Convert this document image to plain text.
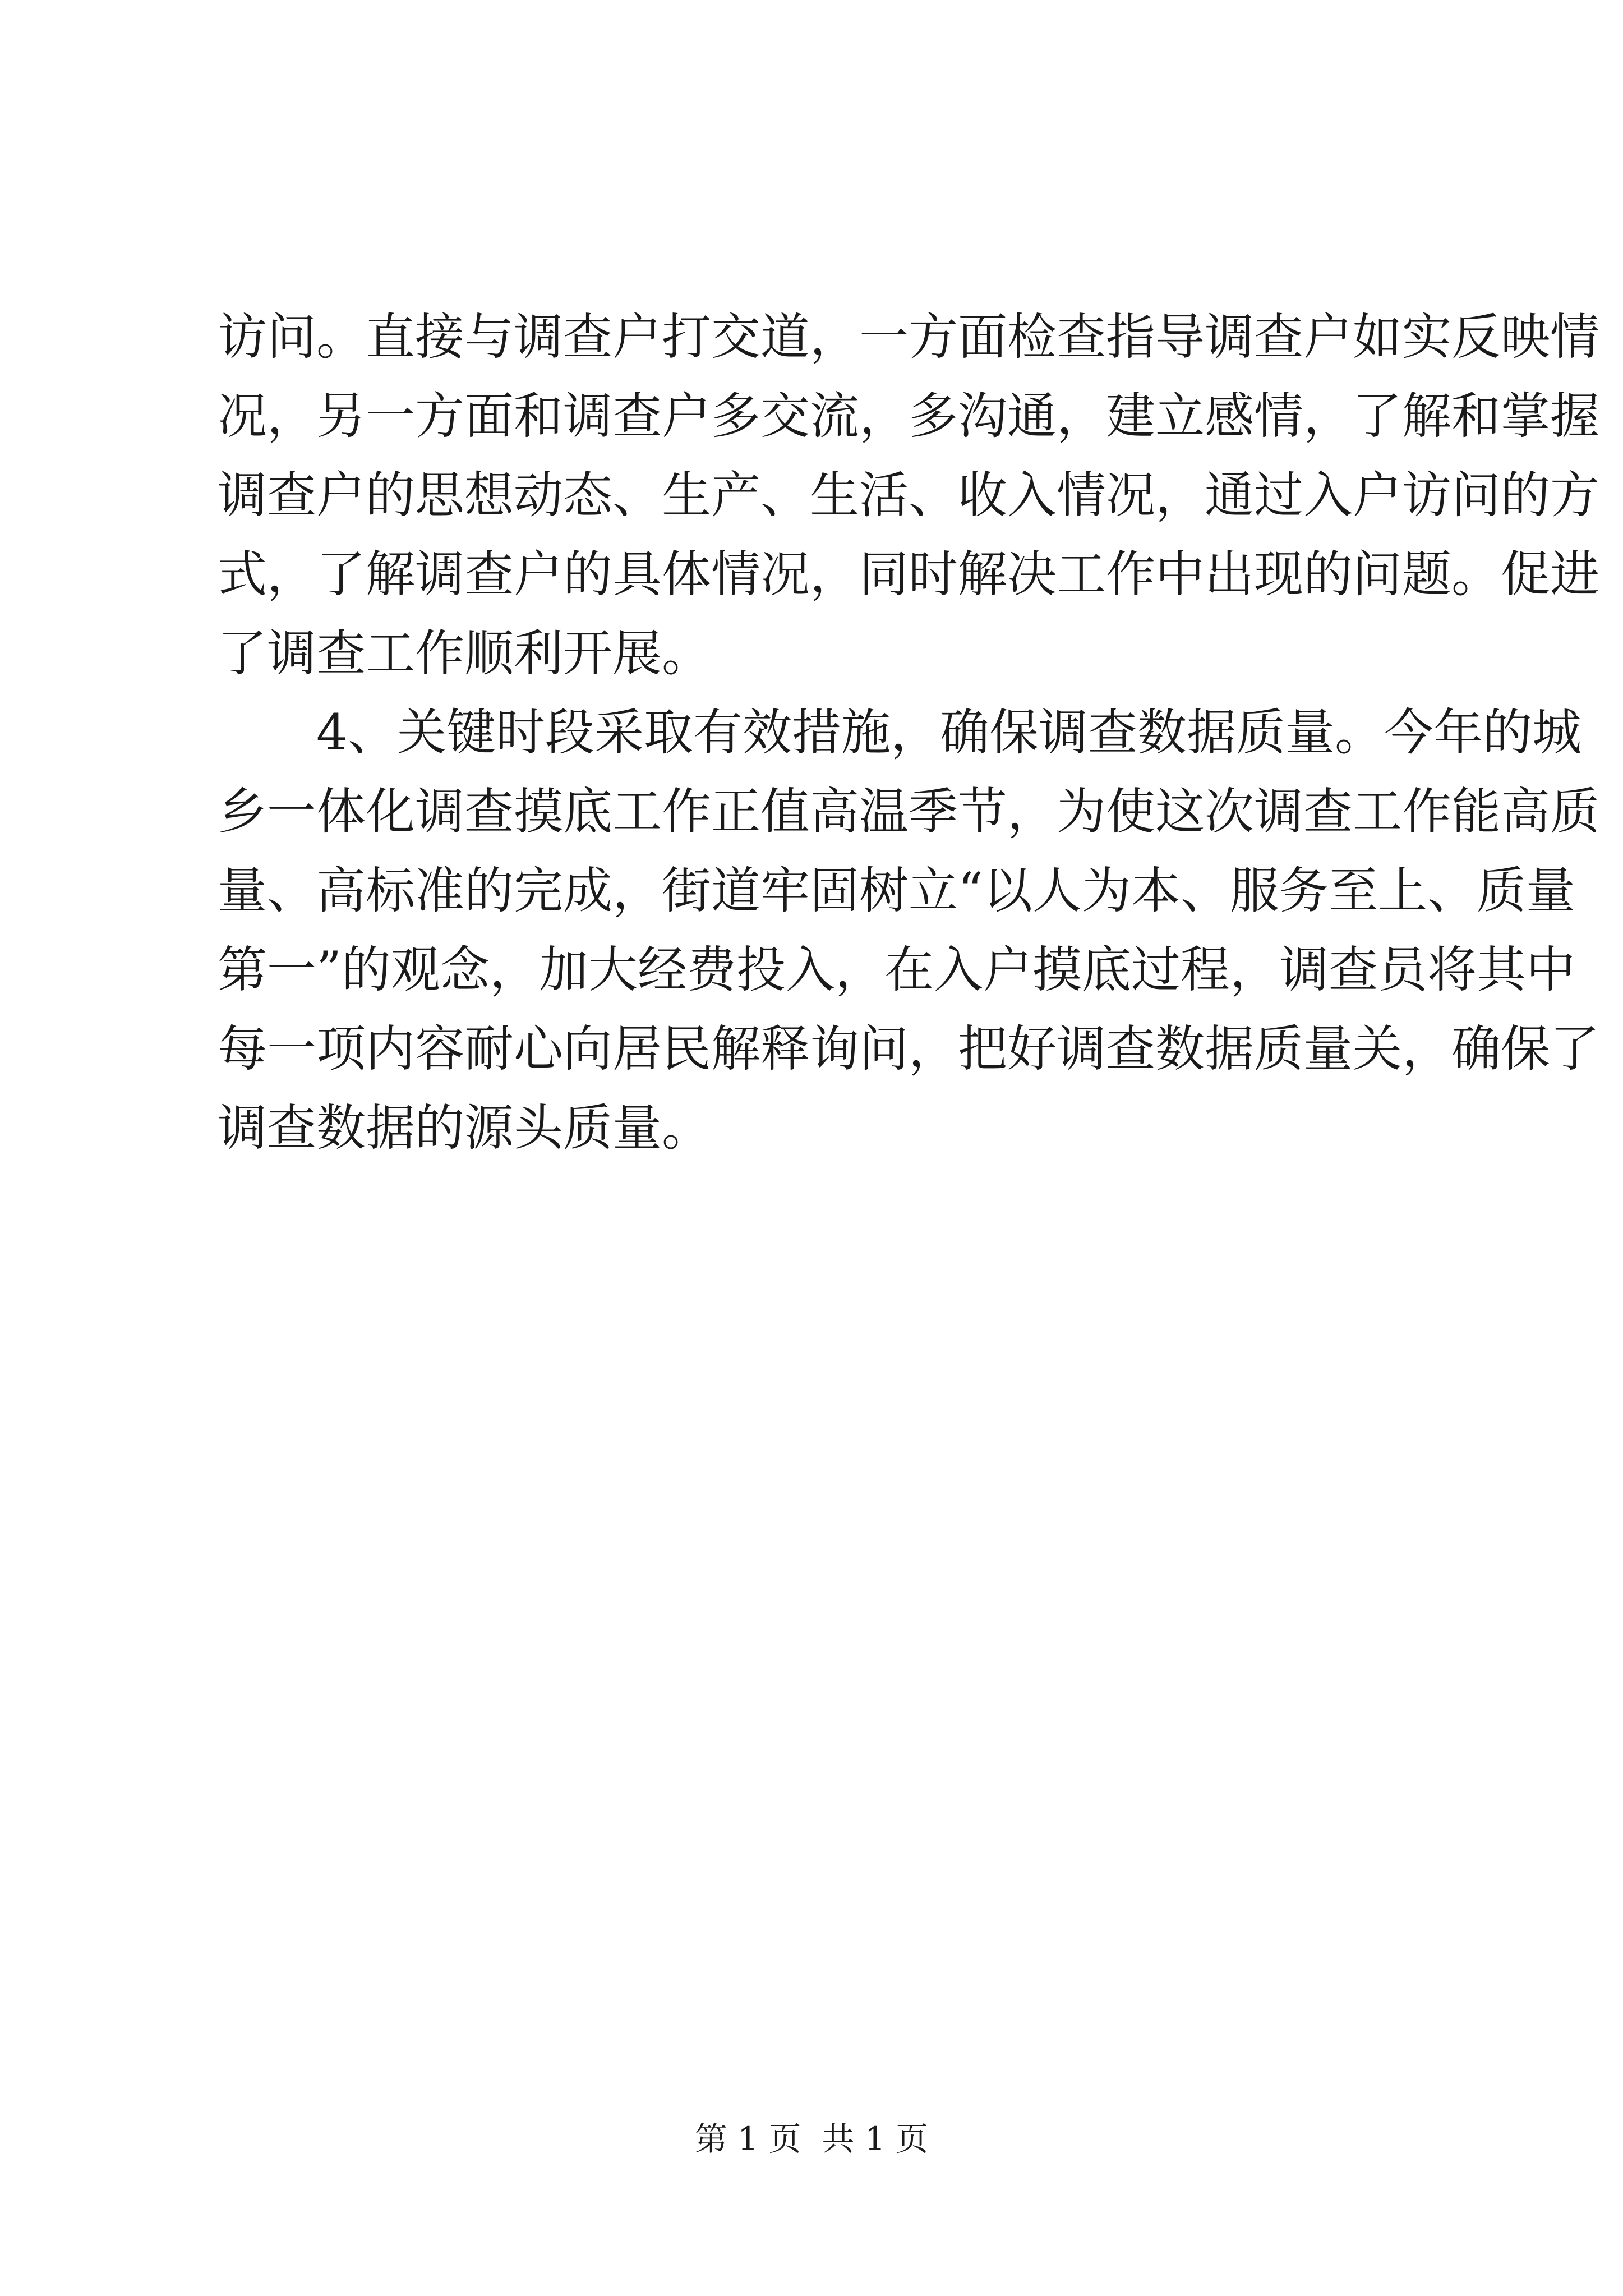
访问。直接与调查户打交道，一方面检查指导调查户如实反映情
况，另一方面和调查户多交流，多沟通，建立感情，了解和掌握
调查户的思想动态、生产、生活、收入情况，通过入户访问的方
式，了解调查户的具体情况，同时解决工作中出现的问题。促进
了调查工作顺利开展。

4、关键时段采取有效措施，确保调查数据质量。今年的城
乡一体化调查摸底工作正值高温季节，为使这次调查工作能高质
量、高标准的完成，街道牢固树立“以人为本、服务至上、质量
第一”的观念，加大经费投入，在入户摸底过程，调查员将其中
每一项内容耐心向居民解释询问，把好调查数据质量关，确保了
调查数据的源头质量。

第 1 页  共 1 页
